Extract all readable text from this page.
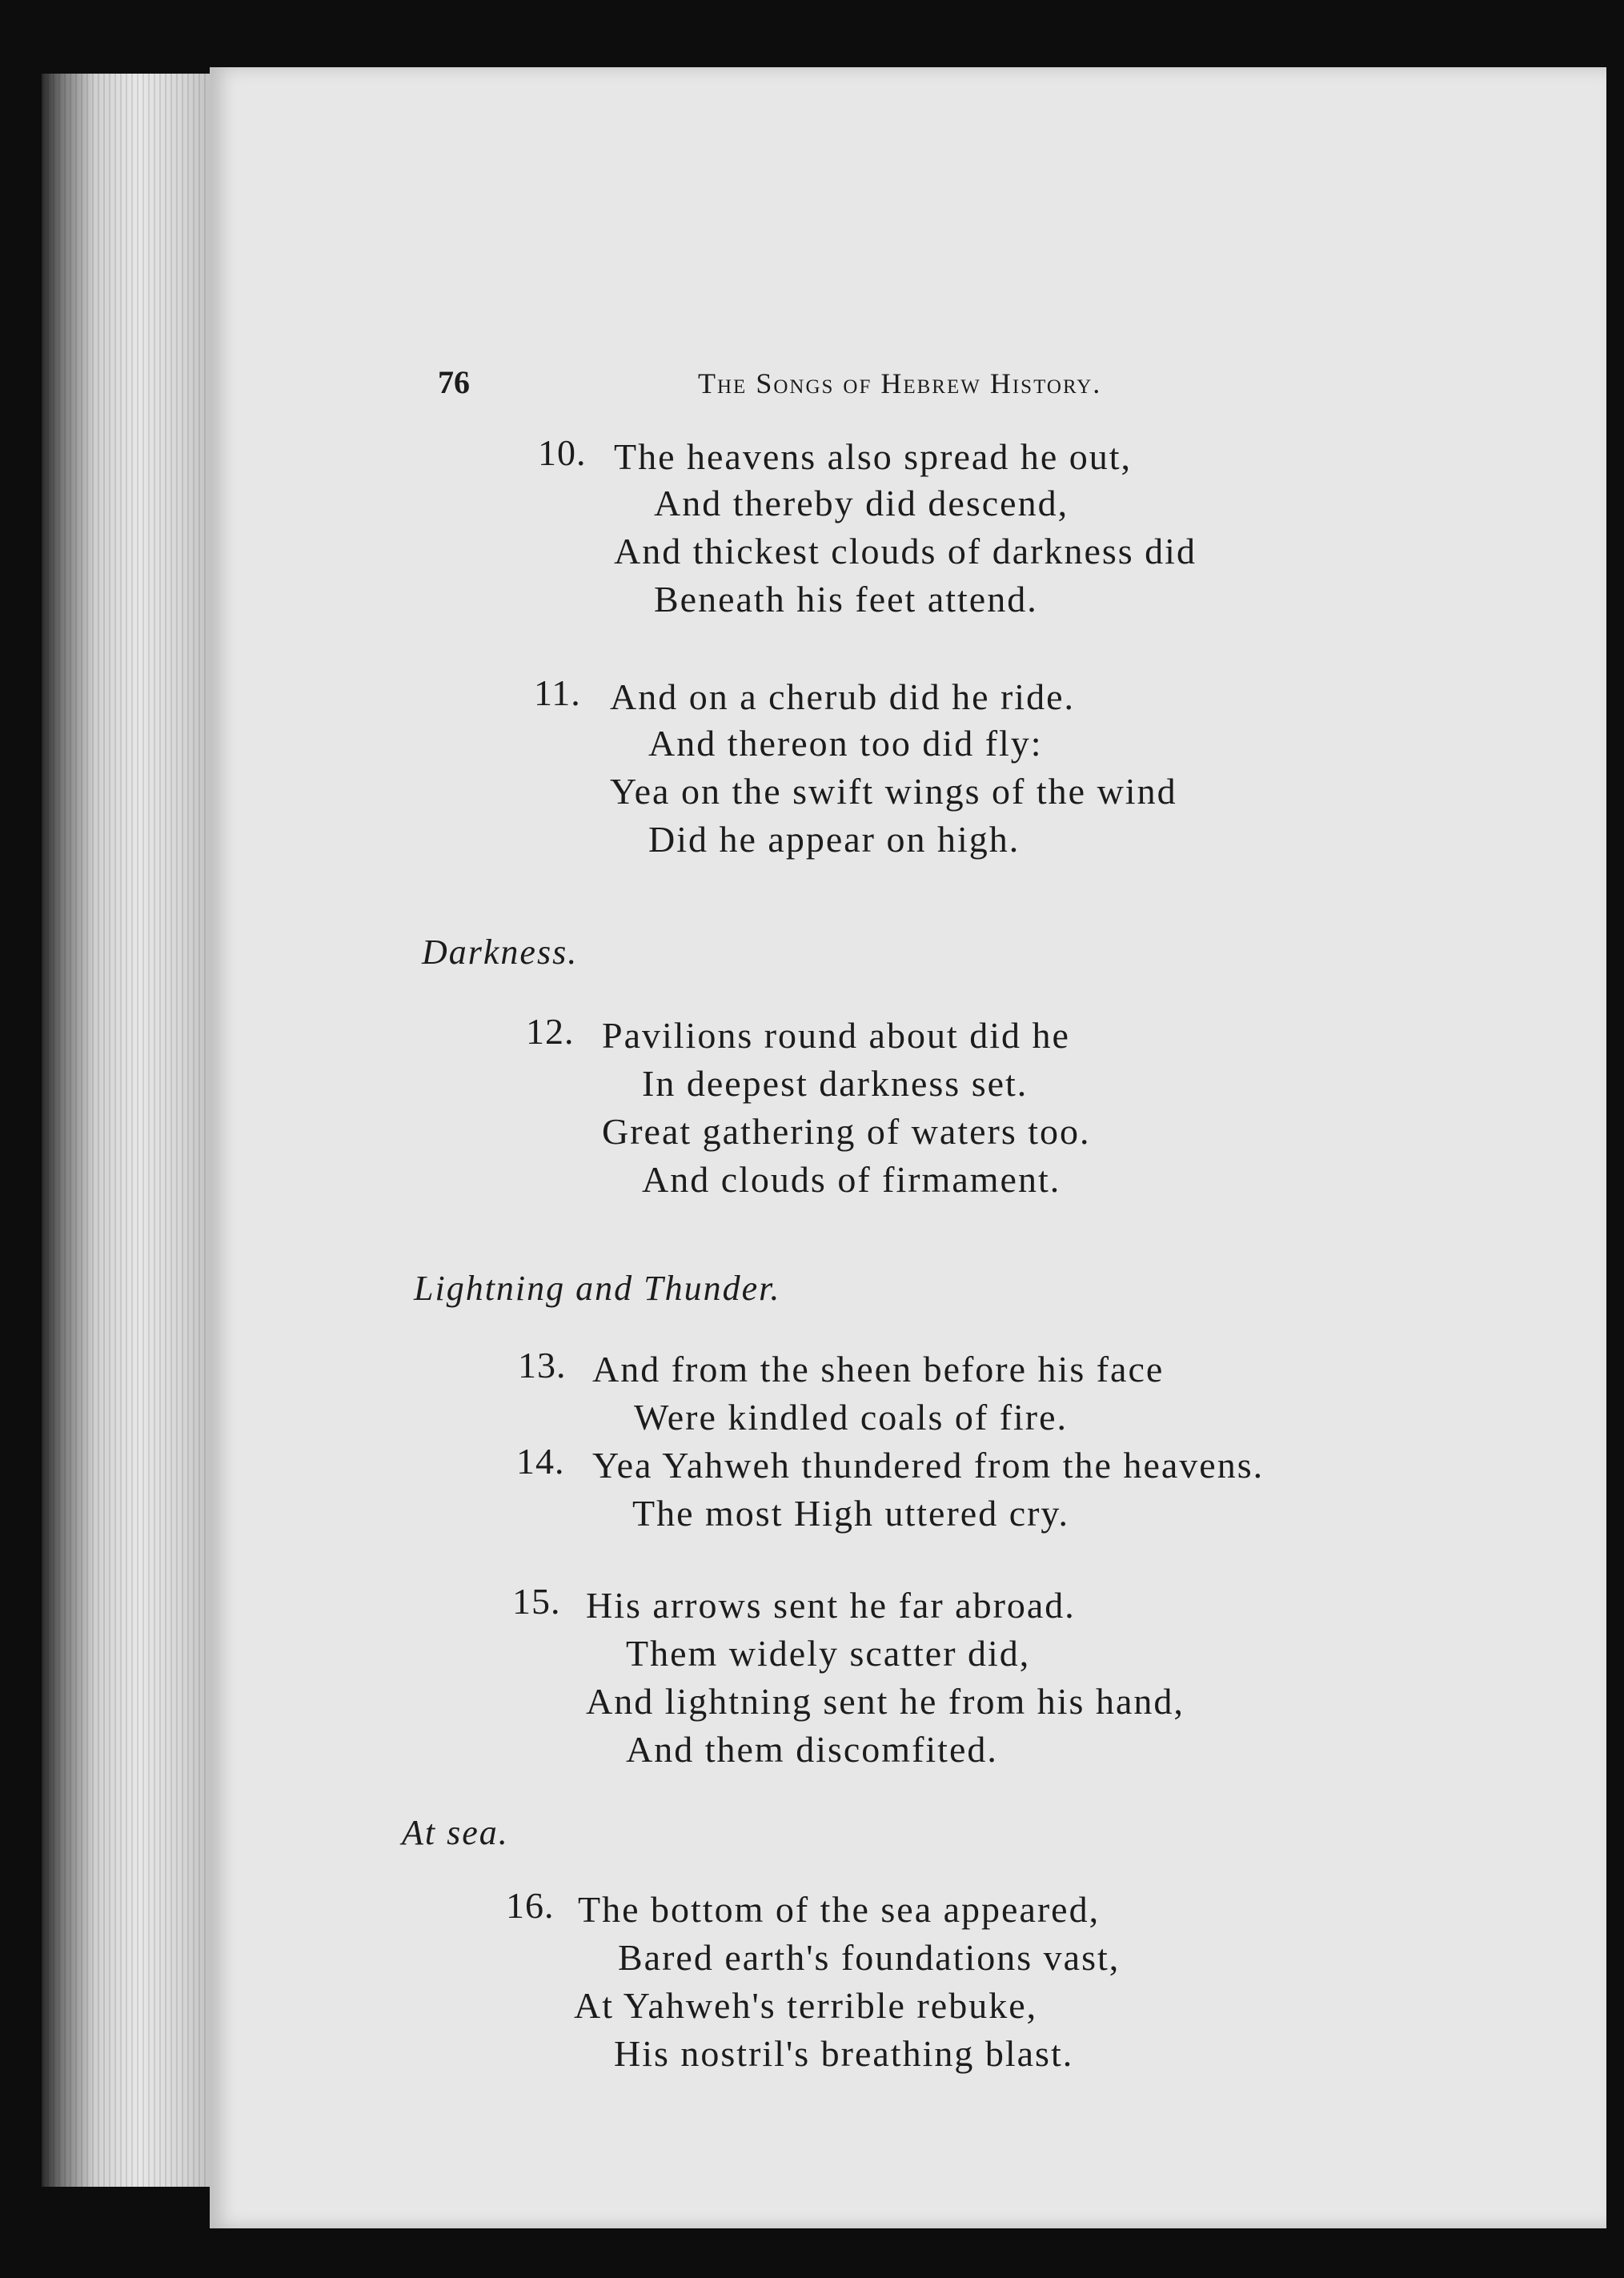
76	The Songs of Hebrew History.
10. The heavens also spread he out,
And thereby did descend,
And thickest clouds of darkness did
Beneath his feet attend.
11. And on a cherub did he ride.
And thereon too did fly:
Yea on the swift wings of the wind
Did he appear on high.
Darkness.
12. Pavilions round about did he
In deepest darkness set.
Great gathering of waters too.
And clouds of firmament.
Lightning and Thunder.
13. And from the sheen before his face
Were kindled coals of fire.
14. Yea Yahweh thundered from the heavens.
The most High uttered cry.
15. His arrows sent he far abroad.
Them widely scatter did,
And lightning sent he from his hand,
And them discomfited.
At sea.
16. The bottom of the sea appeared,
Bared earth's foundations vast,
At Yahweh's terrible rebuke,
His nostril's breathing blast.
